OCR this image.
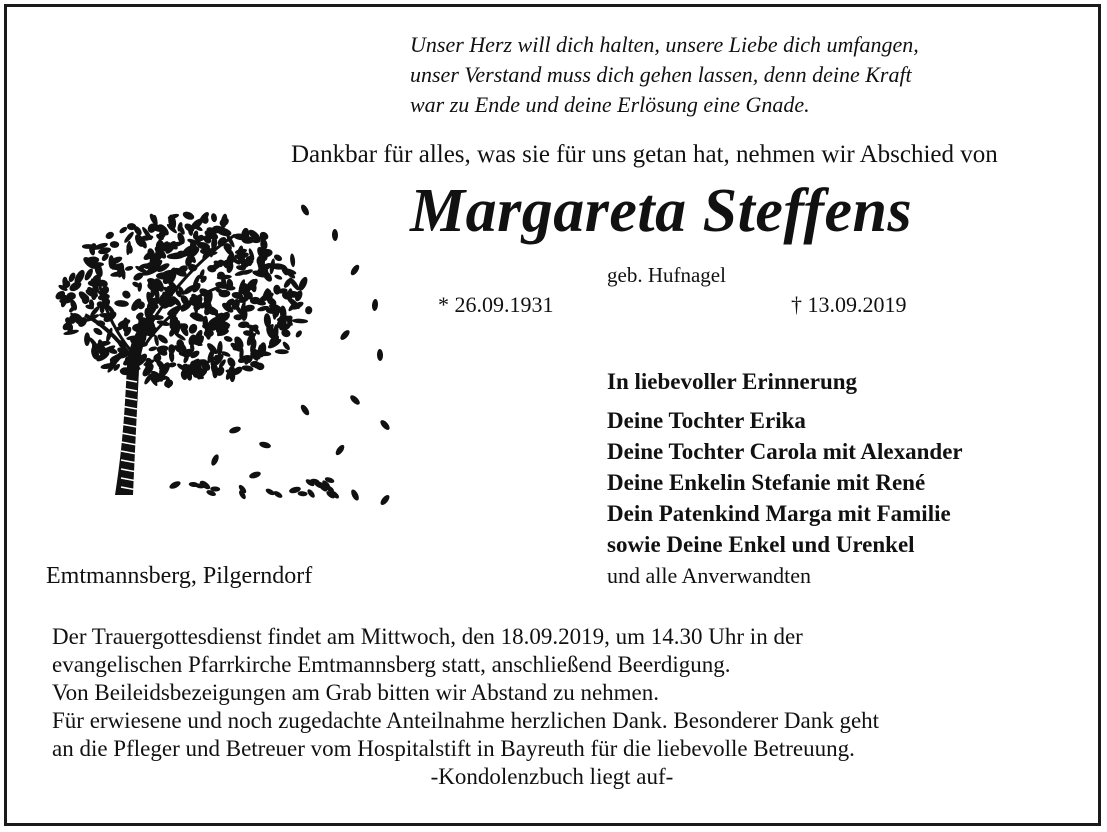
Unser Herz will dich halten, unsere Liebe dich umfangen,
unser Verstand muss dich gehen lassen, denn deine Kraft
war zu Ende und deine Erlösung eine Gnade.
Dankbar für alles, was sie für uns getan hat, nehmen wir Abschied von
Margareta Steffens
geb. Hufnagel
* 26.09.1931	† 13.09.2019
Emtmannsberg, Pilgerndorf
In liebevoller Erinnerung
Deine Tochter Erika
Deine Tochter Carola mit Alexander
Deine Enkelin Stefanie mit René
Dein Patenkind Marga mit Familie
sowie Deine Enkel und Urenkel
und alle Anverwandten
Der Trauergottesdienst findet am Mittwoch, den 18.09.2019, um 14.30 Uhr in der
evangelischen Pfarrkirche Emtmannsberg statt, anschließend Beerdigung.
Von Beileidsbezeigungen am Grab bitten wir Abstand zu nehmen.
Für erwiesene und noch zugedachte Anteilnahme herzlichen Dank. Besonderer Dank geht
an die Pfleger und Betreuer vom Hospitalstift in Bayreuth für die liebevolle Betreuung.
-Kondolenzbuch liegt auf-
